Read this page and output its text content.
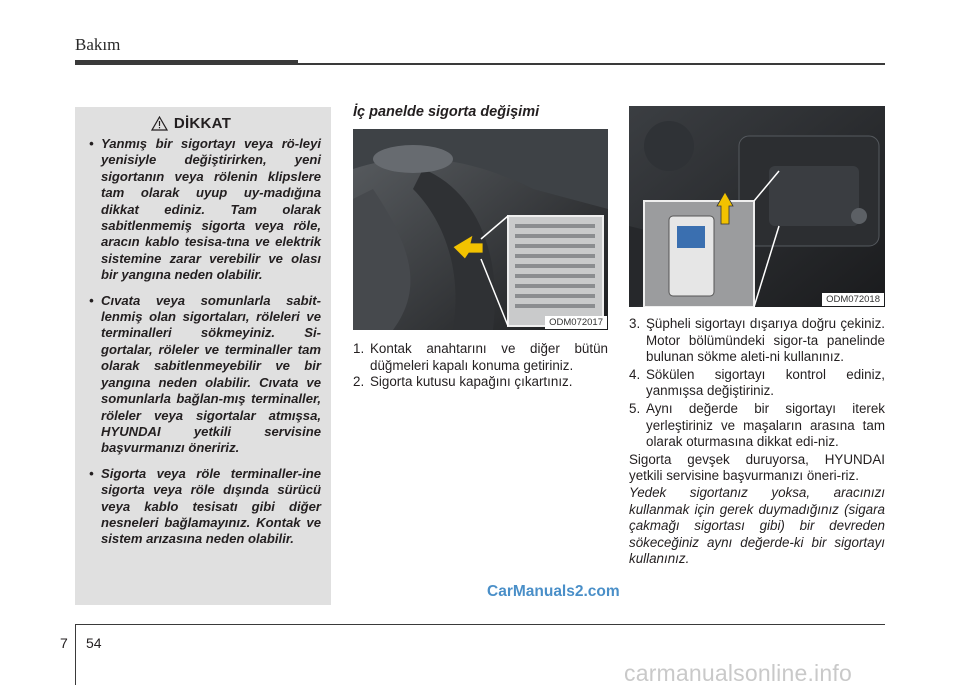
Bakım
DİKKAT
• Yanmış bir sigortayı veya rö-leyi yenisiyle değiştirirken, yeni sigortanın veya rölenin klipslere tam olarak uyup uy-madığına dikkat ediniz. Tam olarak sabitlenmemiş sigorta veya röle, aracın kablo tesisa-tına ve elektrik sistemine zarar verebilir ve olası bir yangına neden olabilir.
• Cıvata veya somunlarla sabit-lenmiş olan sigortaları, röleleri ve terminalleri sökmeyiniz. Si-gortalar, röleler ve terminaller tam olarak sabitlenmeyebilir ve bir yangına neden olabilir. Cıvata ve somunlarla bağlan-mış terminaller, röleler veya sigortalar atmışsa, HYUNDAI yetkili servisine başvurmanızı öneririz.
• Sigorta veya röle terminaller-ine sigorta veya röle dışında sürücü veya kablo tesisatı gibi diğer nesneleri bağlamayınız. Kontak ve sistem arızasına neden olabilir.
İç panelde sigorta değişimi
ODM072017
1. Kontak anahtarını ve diğer bütün düğmeleri kapalı konuma getiriniz.
2. Sigorta kutusu kapağını çıkartınız.
ODM072018
3. Şüpheli sigortayı dışarıya doğru çekiniz. Motor bölümündeki sigor-ta panelinde bulunan sökme aleti-ni kullanınız.
4. Sökülen sigortayı kontrol ediniz, yanmışsa değiştiriniz.
5. Aynı değerde bir sigortayı iterek yerleştiriniz ve maşaların arasına tam olarak oturmasına dikkat edi-niz.
Sigorta gevşek duruyorsa, HYUNDAI yetkili servisine başvurmanızı öneri-riz.
Yedek sigortanız yoksa, aracınızı kullanmak için gerek duymadığınız (sigara çakmağı sigortası gibi) bir devreden sökeceğiniz aynı değerde-ki bir sigortayı kullanınız.
CarManuals2.com
7 54
carmanualsonline.info
